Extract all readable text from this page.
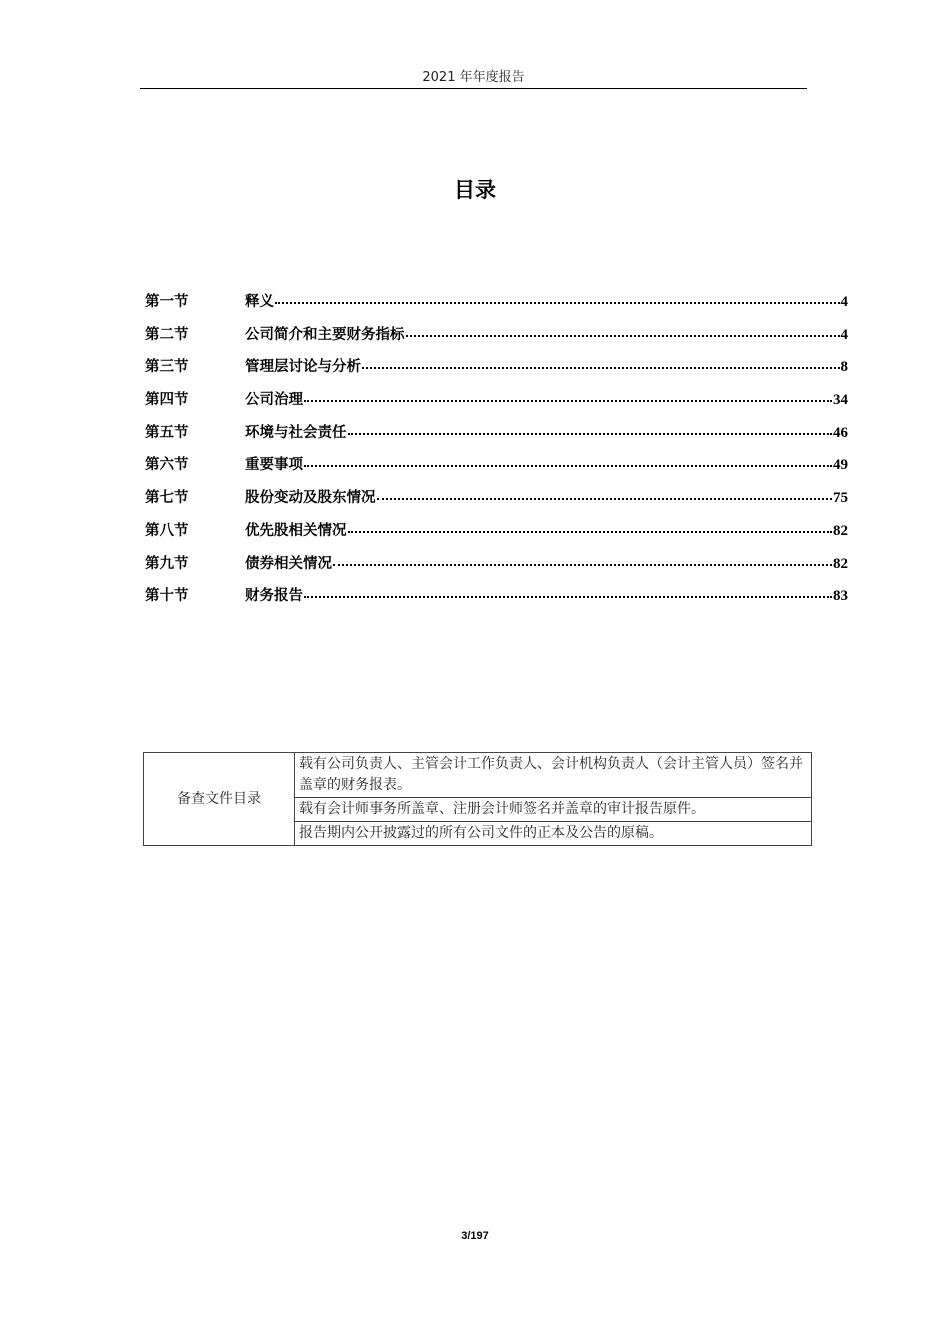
2021 年年度报告
目录
第一节	释义	4
第二节	公司简介和主要财务指标	4
第三节	管理层讨论与分析	8
第四节	公司治理	34
第五节	环境与社会责任	46
第六节	重要事项	49
第七节	股份变动及股东情况	75
第八节	优先股相关情况	82
第九节	债券相关情况	82
第十节	财务报告	83
备查文件目录	载有公司负责人、主管会计工作负责人、会计机构负责人（会计主管人员）签名并盖章的财务报表。
载有会计师事务所盖章、注册会计师签名并盖章的审计报告原件。
报告期内公开披露过的所有公司文件的正本及公告的原稿。
3/197
